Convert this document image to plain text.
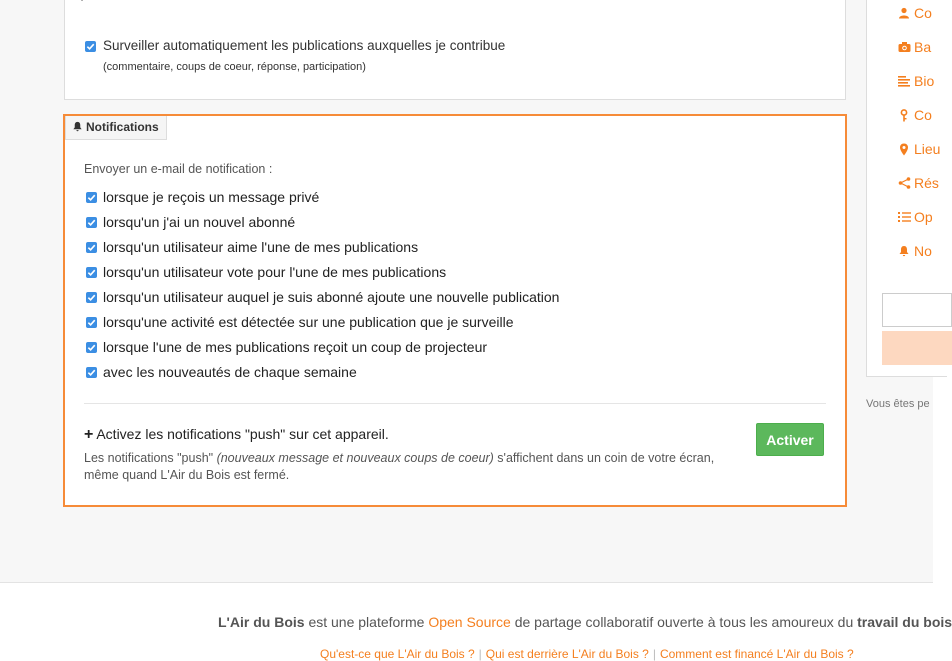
Surveiller automatiquement les publications auxquelles je contribue
(commentaire, coups de coeur, réponse, participation)
Notifications
Envoyer un e-mail de notification :
lorsque je reçois un message privé
lorsqu'un j'ai un nouvel abonné
lorsqu'un utilisateur aime l'une de mes publications
lorsqu'un utilisateur vote pour l'une de mes publications
lorsqu'un utilisateur auquel je suis abonné ajoute une nouvelle publication
lorsqu'une activité est détectée sur une publication que je surveille
lorsque l'une de mes publications reçoit un coup de projecteur
avec les nouveautés de chaque semaine
+ Activez les notifications "push" sur cet appareil.
Les notifications "push" (nouveaux message et nouveaux coups de coeur) s'affichent dans un coin de votre écran, même quand L'Air du Bois est fermé.
Activer
Co
Ba
Bio
Co
Lieu
Rés
Op
No
Vous êtes pe
L'Air du Bois est une plateforme Open Source de partage collaboratif ouverte à tous les amoureux du travail du bois
Qu'est-ce que L'Air du Bois ? | Qui est derrière L'Air du Bois ? | Comment est financé L'Air du Bois ?
